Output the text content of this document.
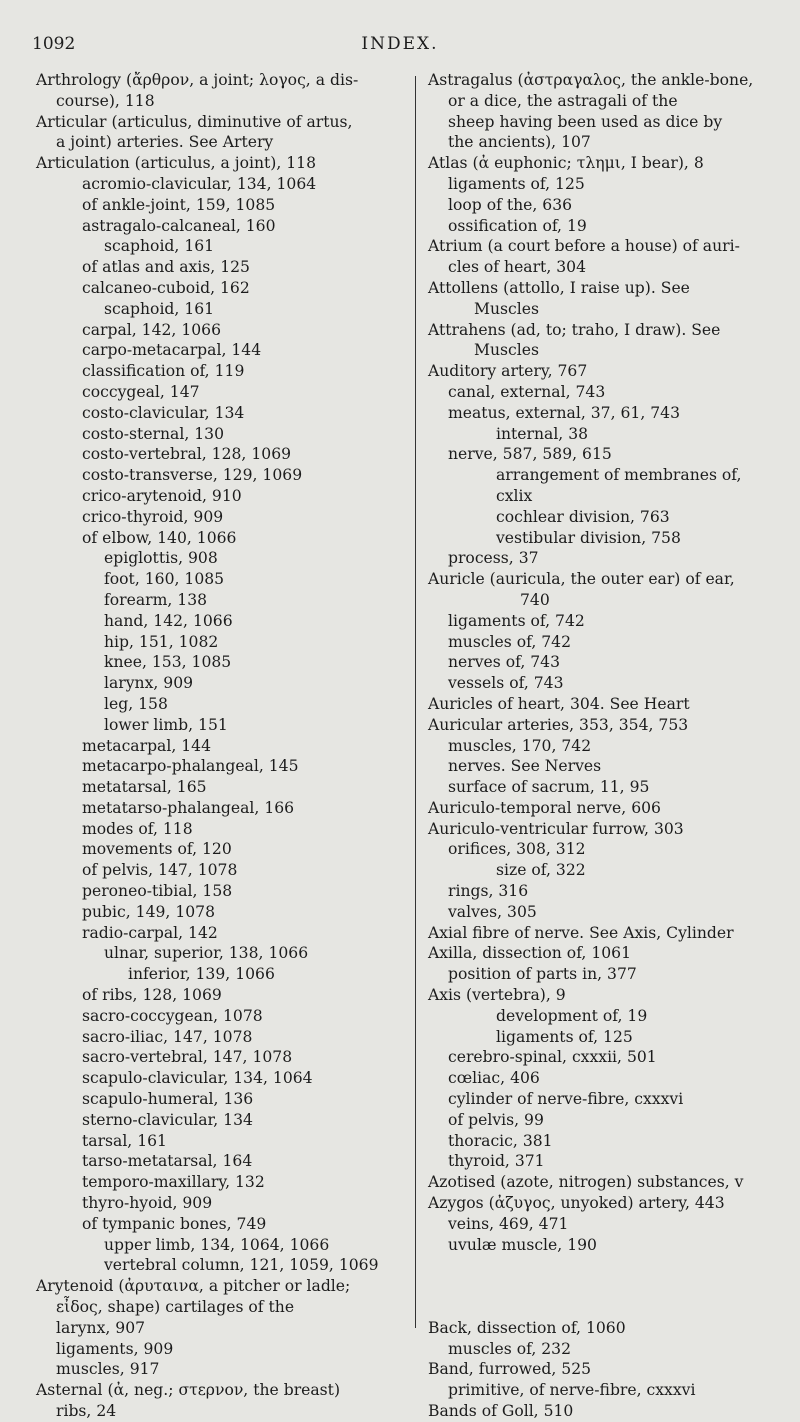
1092	INDEX.
Arthrology (ἄρθρον, a joint; λογος, a dis-
course), 118
Articular (articulus, diminutive of artus,
a joint) arteries. See Artery
Articulation (articulus, a joint), 118
acromio-clavicular, 134, 1064
of ankle-joint, 159, 1085
astragalo-calcaneal, 160
scaphoid, 161
of atlas and axis, 125
calcaneo-cuboid, 162
scaphoid, 161
carpal, 142, 1066
carpo-metacarpal, 144
classification of, 119
coccygeal, 147
costo-clavicular, 134
costo-sternal, 130
costo-vertebral, 128, 1069
costo-transverse, 129, 1069
crico-arytenoid, 910
crico-thyroid, 909
of elbow, 140, 1066
epiglottis, 908
foot, 160, 1085
forearm, 138
hand, 142, 1066
hip, 151, 1082
knee, 153, 1085
larynx, 909
leg, 158
lower limb, 151
metacarpal, 144
metacarpo-phalangeal, 145
metatarsal, 165
metatarso-phalangeal, 166
modes of, 118
movements of, 120
of pelvis, 147, 1078
peroneo-tibial, 158
pubic, 149, 1078
radio-carpal, 142
ulnar, superior, 138, 1066
inferior, 139, 1066
of ribs, 128, 1069
sacro-coccygean, 1078
sacro-iliac, 147, 1078
sacro-vertebral, 147, 1078
scapulo-clavicular, 134, 1064
scapulo-humeral, 136
sterno-clavicular, 134
tarsal, 161
tarso-metatarsal, 164
temporo-maxillary, 132
thyro-hyoid, 909
of tympanic bones, 749
upper limb, 134, 1064, 1066
vertebral column, 121, 1059, 1069
Arytenoid (ἀρυταινα, a pitcher or ladle;
εἶδος, shape) cartilages of the
larynx, 907
ligaments, 909
muscles, 917
Asternal (ἀ, neg.; στερνον, the breast)
ribs, 24
Astragalus (ἀστραγαλος, the ankle-bone,
or a dice, the astragali of the
sheep having been used as dice by
the ancients), 107
Atlas (ἀ euphonic; τλημι, I bear), 8
ligaments of, 125
loop of the, 636
ossification of, 19
Atrium (a court before a house) of auri-
cles of heart, 304
Attollens (attollo, I raise up). See
Muscles
Attrahens (ad, to; traho, I draw). See
Muscles
Auditory artery, 767
canal, external, 743
meatus, external, 37, 61, 743
internal, 38
nerve, 587, 589, 615
arrangement of membranes of,
cxlix
cochlear division, 763
vestibular division, 758
process, 37
Auricle (auricula, the outer ear) of ear,
740
ligaments of, 742
muscles of, 742
nerves of, 743
vessels of, 743
Auricles of heart, 304. See Heart
Auricular arteries, 353, 354, 753
muscles, 170, 742
nerves. See Nerves
surface of sacrum, 11, 95
Auriculo-temporal nerve, 606
Auriculo-ventricular furrow, 303
orifices, 308, 312
size of, 322
rings, 316
valves, 305
Axial fibre of nerve. See Axis, Cylinder
Axilla, dissection of, 1061
position of parts in, 377
Axis (vertebra), 9
development of, 19
ligaments of, 125
cerebro-spinal, cxxxii, 501
cœliac, 406
cylinder of nerve-fibre, cxxxvi
of pelvis, 99
thoracic, 381
thyroid, 371
Azotised (azote, nitrogen) substances, v
Azygos (ἀζυγος, unyoked) artery, 443
veins, 469, 471
uvulæ muscle, 190
Back, dissection of, 1060
muscles of, 232
Band, furrowed, 525
primitive, of nerve-fibre, cxxxvi
Bands of Goll, 510
